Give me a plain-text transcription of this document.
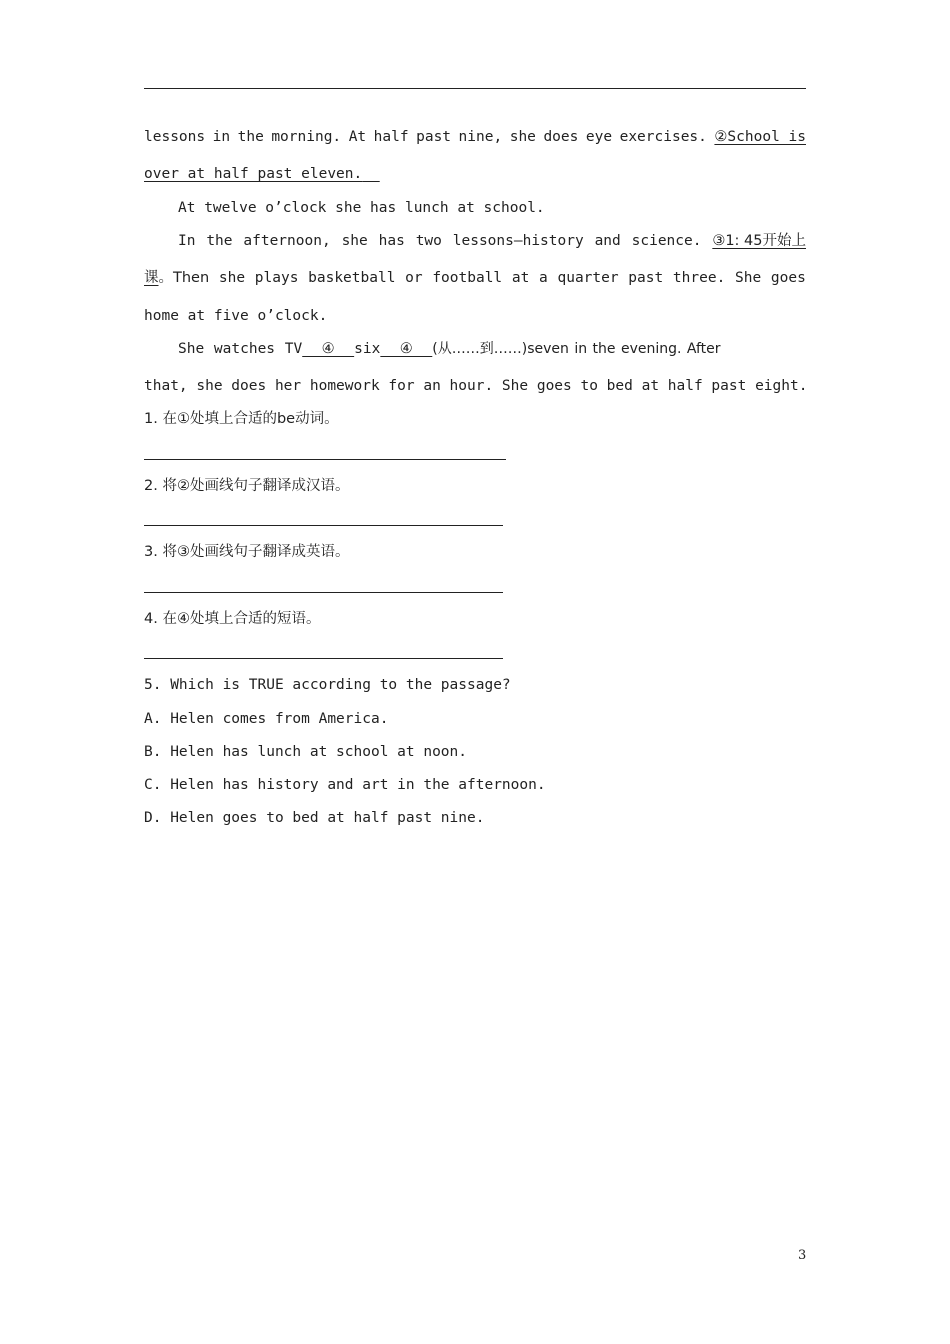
lessons in the morning. At half past nine, she does eye exercises. ②School is
over at half past eleven.
At twelve o’clock she has lunch at school.
In the afternoon, she has two lessons—history and science. ③1: 45开始上
课。Then she plays basketball or football at a quarter past three. She goes
home at five o’clock.
She watches TV  ④  six  ④  (从……到……)seven in the evening. After
that, she does her homework for an hour. She goes to bed at half past eight.
1. 在①处填上合适的be动词。
2. 将②处画线句子翻译成汉语。
3. 将③处画线句子翻译成英语。
4. 在④处填上合适的短语。
5. Which is TRUE according to the passage?
A. Helen comes from America.
B. Helen has lunch at school at noon.
C. Helen has history and art in the afternoon.
D. Helen goes to bed at half past nine.
3
